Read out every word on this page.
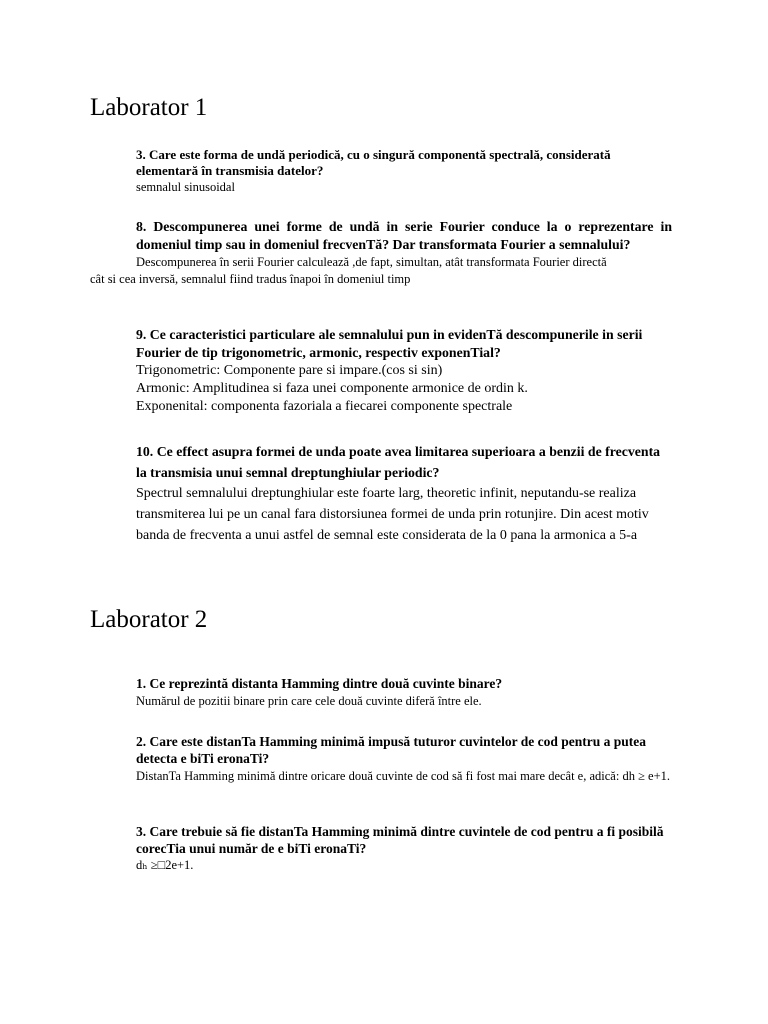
Laborator 1

3. Care este forma de undă periodică, cu o singură componentă spectrală, considerată elementară în transmisia datelor?

semnalul sinusoidal

8. Descompunerea unei forme de undă in serie Fourier conduce la o reprezentare in domeniul timp sau in domeniul frecvenTă? Dar transformata Fourier a semnalului?

Descompunerea în serii Fourier calculează ,de fapt, simultan, atât transformata Fourier directă
cât si cea inversă, semnalul fiind tradus înapoi în domeniul timp

9. Ce caracteristici particulare ale semnalului pun in evidenTă descompunerile in serii Fourier de tip trigonometric, armonic, respectiv exponenTial?

Trigonometric: Componente pare si impare.(cos si sin)
Armonic: Amplitudinea si faza unei componente armonice de ordin k.
Exponenital: componenta fazoriala a fiecarei componente spectrale

10. Ce effect asupra formei de unda poate avea limitarea superioara a benzii de frecventa la transmisia unui semnal dreptunghiular periodic?

Spectrul semnalului dreptunghiular este foarte larg, theoretic infinit, neputandu-se realiza transmiterea lui pe un canal fara distorsiunea formei de unda prin rotunjire. Din acest motiv banda de frecventa a unui astfel de semnal este considerata de la 0 pana la armonica a 5-a

Laborator 2

1. Ce reprezintă distanta Hamming dintre două cuvinte binare?

Numărul de pozitii binare prin care cele două cuvinte diferă între ele.

2. Care este distanTa Hamming minimă impusă tuturor cuvintelor de cod pentru a putea detecta e biTi eronaTi?

DistanTa Hamming minimă dintre oricare două cuvinte de cod să fi fost mai mare decât e, adică: dh ≥ e+1.

3. Care trebuie să fie distanTa Hamming minimă dintre cuvintele de cod pentru a fi posibilă corecTia unui număr de e biTi eronaTi?

dₕ ≥□2e+1.
